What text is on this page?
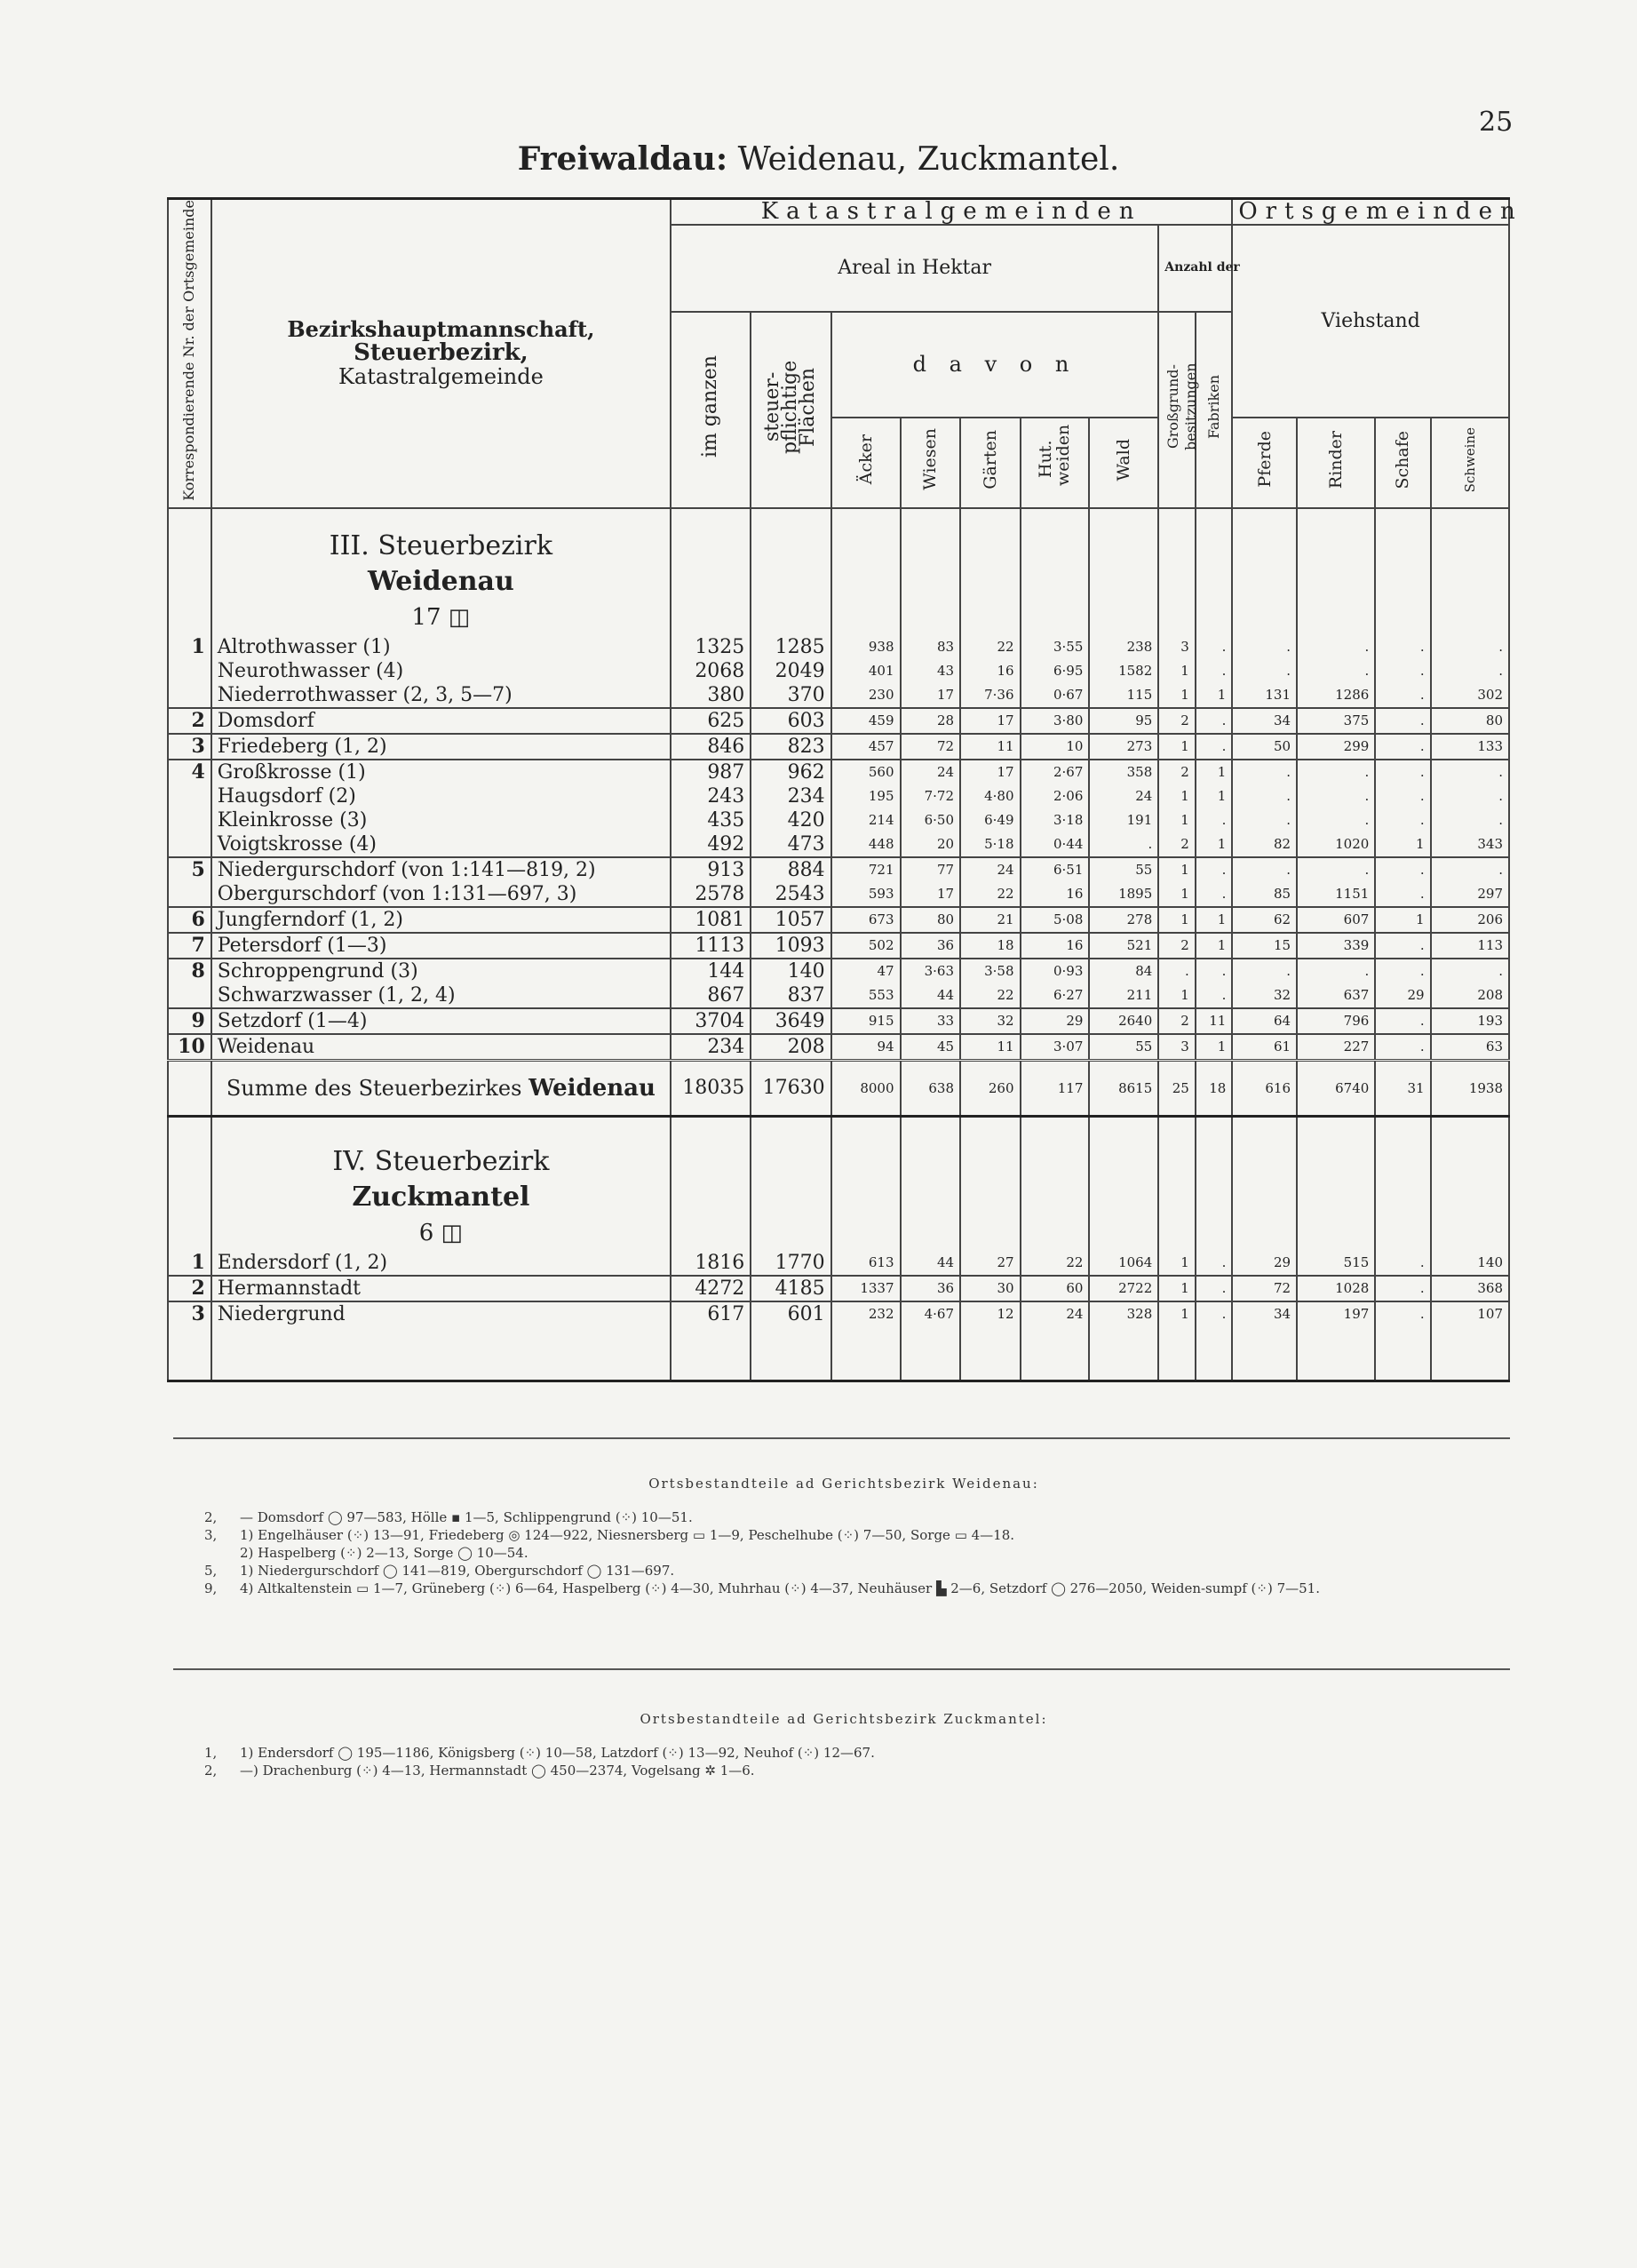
25
Freiwaldau: Weidenau, Zuckmantel.
Korrespondierende Nr. der Ortsgemeinde	Bezirkshauptmannschaft,
Steuerbezirk,
Katastralgemeinde	Katastralgemeinden									Ortsgemeinden			
		Areal in Hektar							Anzahl der		Viehstand			
		im ganzen	steuer-pflichtige Flächen	d a v o n					Großgrund-besitzungen	Fabriken				
				Äcker	Wiesen	Gärten	Hut. weiden	Wald			Pferde	Rinder	Schafe	Schweine
	III. Steuerbezirk													
	Weidenau													
	17 ◫													
1	Altrothwasser (1)	1325	1285	938	83	22	3·55	238	3	.	.	.	.	.
	Neurothwasser (4)	2068	2049	401	43	16	6·95	1582	1	.	.	.	.	.
	Niederrothwasser (2, 3, 5—7)	380	370	230	17	7·36	0·67	115	1	1	131	1286	.	302
2	Domsdorf	625	603	459	28	17	3·80	95	2	.	34	375	.	80
3	Friedeberg (1, 2)	846	823	457	72	11	10	273	1	.	50	299	.	133
4	Großkrosse (1)	987	962	560	24	17	2·67	358	2	1	.	.	.	.
	Haugsdorf (2)	243	234	195	7·72	4·80	2·06	24	1	1	.	.	.	.
	Kleinkrosse (3)	435	420	214	6·50	6·49	3·18	191	1	.	.	.	.	.
	Voigtskrosse (4)	492	473	448	20	5·18	0·44	.	2	1	82	1020	1	343
5	Niedergurschdorf (von 1:141—819, 2)	913	884	721	77	24	6·51	55	1	.	.	.	.	.
	Obergurschdorf (von 1:131—697, 3)	2578	2543	593	17	22	16	1895	1	.	85	1151	.	297
6	Jungferndorf (1, 2)	1081	1057	673	80	21	5·08	278	1	1	62	607	1	206
7	Petersdorf (1—3)	1113	1093	502	36	18	16	521	2	1	15	339	.	113
8	Schroppengrund (3)	144	140	47	3·63	3·58	0·93	84	.	.	.	.	.	.
	Schwarzwasser (1, 2, 4)	867	837	553	44	22	6·27	211	1	.	32	637	29	208
9	Setzdorf (1—4)	3704	3649	915	33	32	29	2640	2	11	64	796	.	193
10	Weidenau	234	208	94	45	11	3·07	55	3	1	61	227	.	63
	Summe des Steuerbezirkes Weidenau	18035	17630	8000	638	260	117	8615	25	18	616	6740	31	1938

	IV. Steuerbezirk													
	Zuckmantel													
	6 ◫													
1	Endersdorf (1, 2)	1816	1770	613	44	27	22	1064	1	.	29	515	.	140
2	Hermannstadt	4272	4185	1337	36	30	60	2722	1	.	72	1028	.	368
3	Niedergrund	617	601	232	4·67	12	24	328	1	.	34	197	.	107

Ortsbestandteile ad Gerichtsbezirk Weidenau:
2,	— Domsdorf ◯ 97—583, Hölle ▪ 1—5, Schlippengrund (⁘) 10—51.
3,	1) Engelhäuser (⁘) 13—91, Friedeberg ◎ 124—922, Niesnersberg ▭ 1—9, Peschelhube (⁘) 7—50, Sorge ▭ 4—18.
2) Haspelberg (⁘) 2—13, Sorge ◯ 10—54.
5,	1) Niedergurschdorf ◯ 141—819, Obergurschdorf ◯ 131—697.
9,	4) Altkaltenstein ▭ 1—7, Grüneberg (⁘) 6—64, Haspelberg (⁘) 4—30, Muhrhau (⁘) 4—37, Neuhäuser ▙ 2—6, Setzdorf ◯ 276—2050, Weiden-sumpf (⁘) 7—51.
Ortsbestandteile ad Gerichtsbezirk Zuckmantel:
1,	1) Endersdorf ◯ 195—1186, Königsberg (⁘) 10—58, Latzdorf (⁘) 13—92, Neuhof (⁘) 12—67.
2,	—) Drachenburg (⁘) 4—13, Hermannstadt ◯ 450—2374, Vogelsang ✲ 1—6.
